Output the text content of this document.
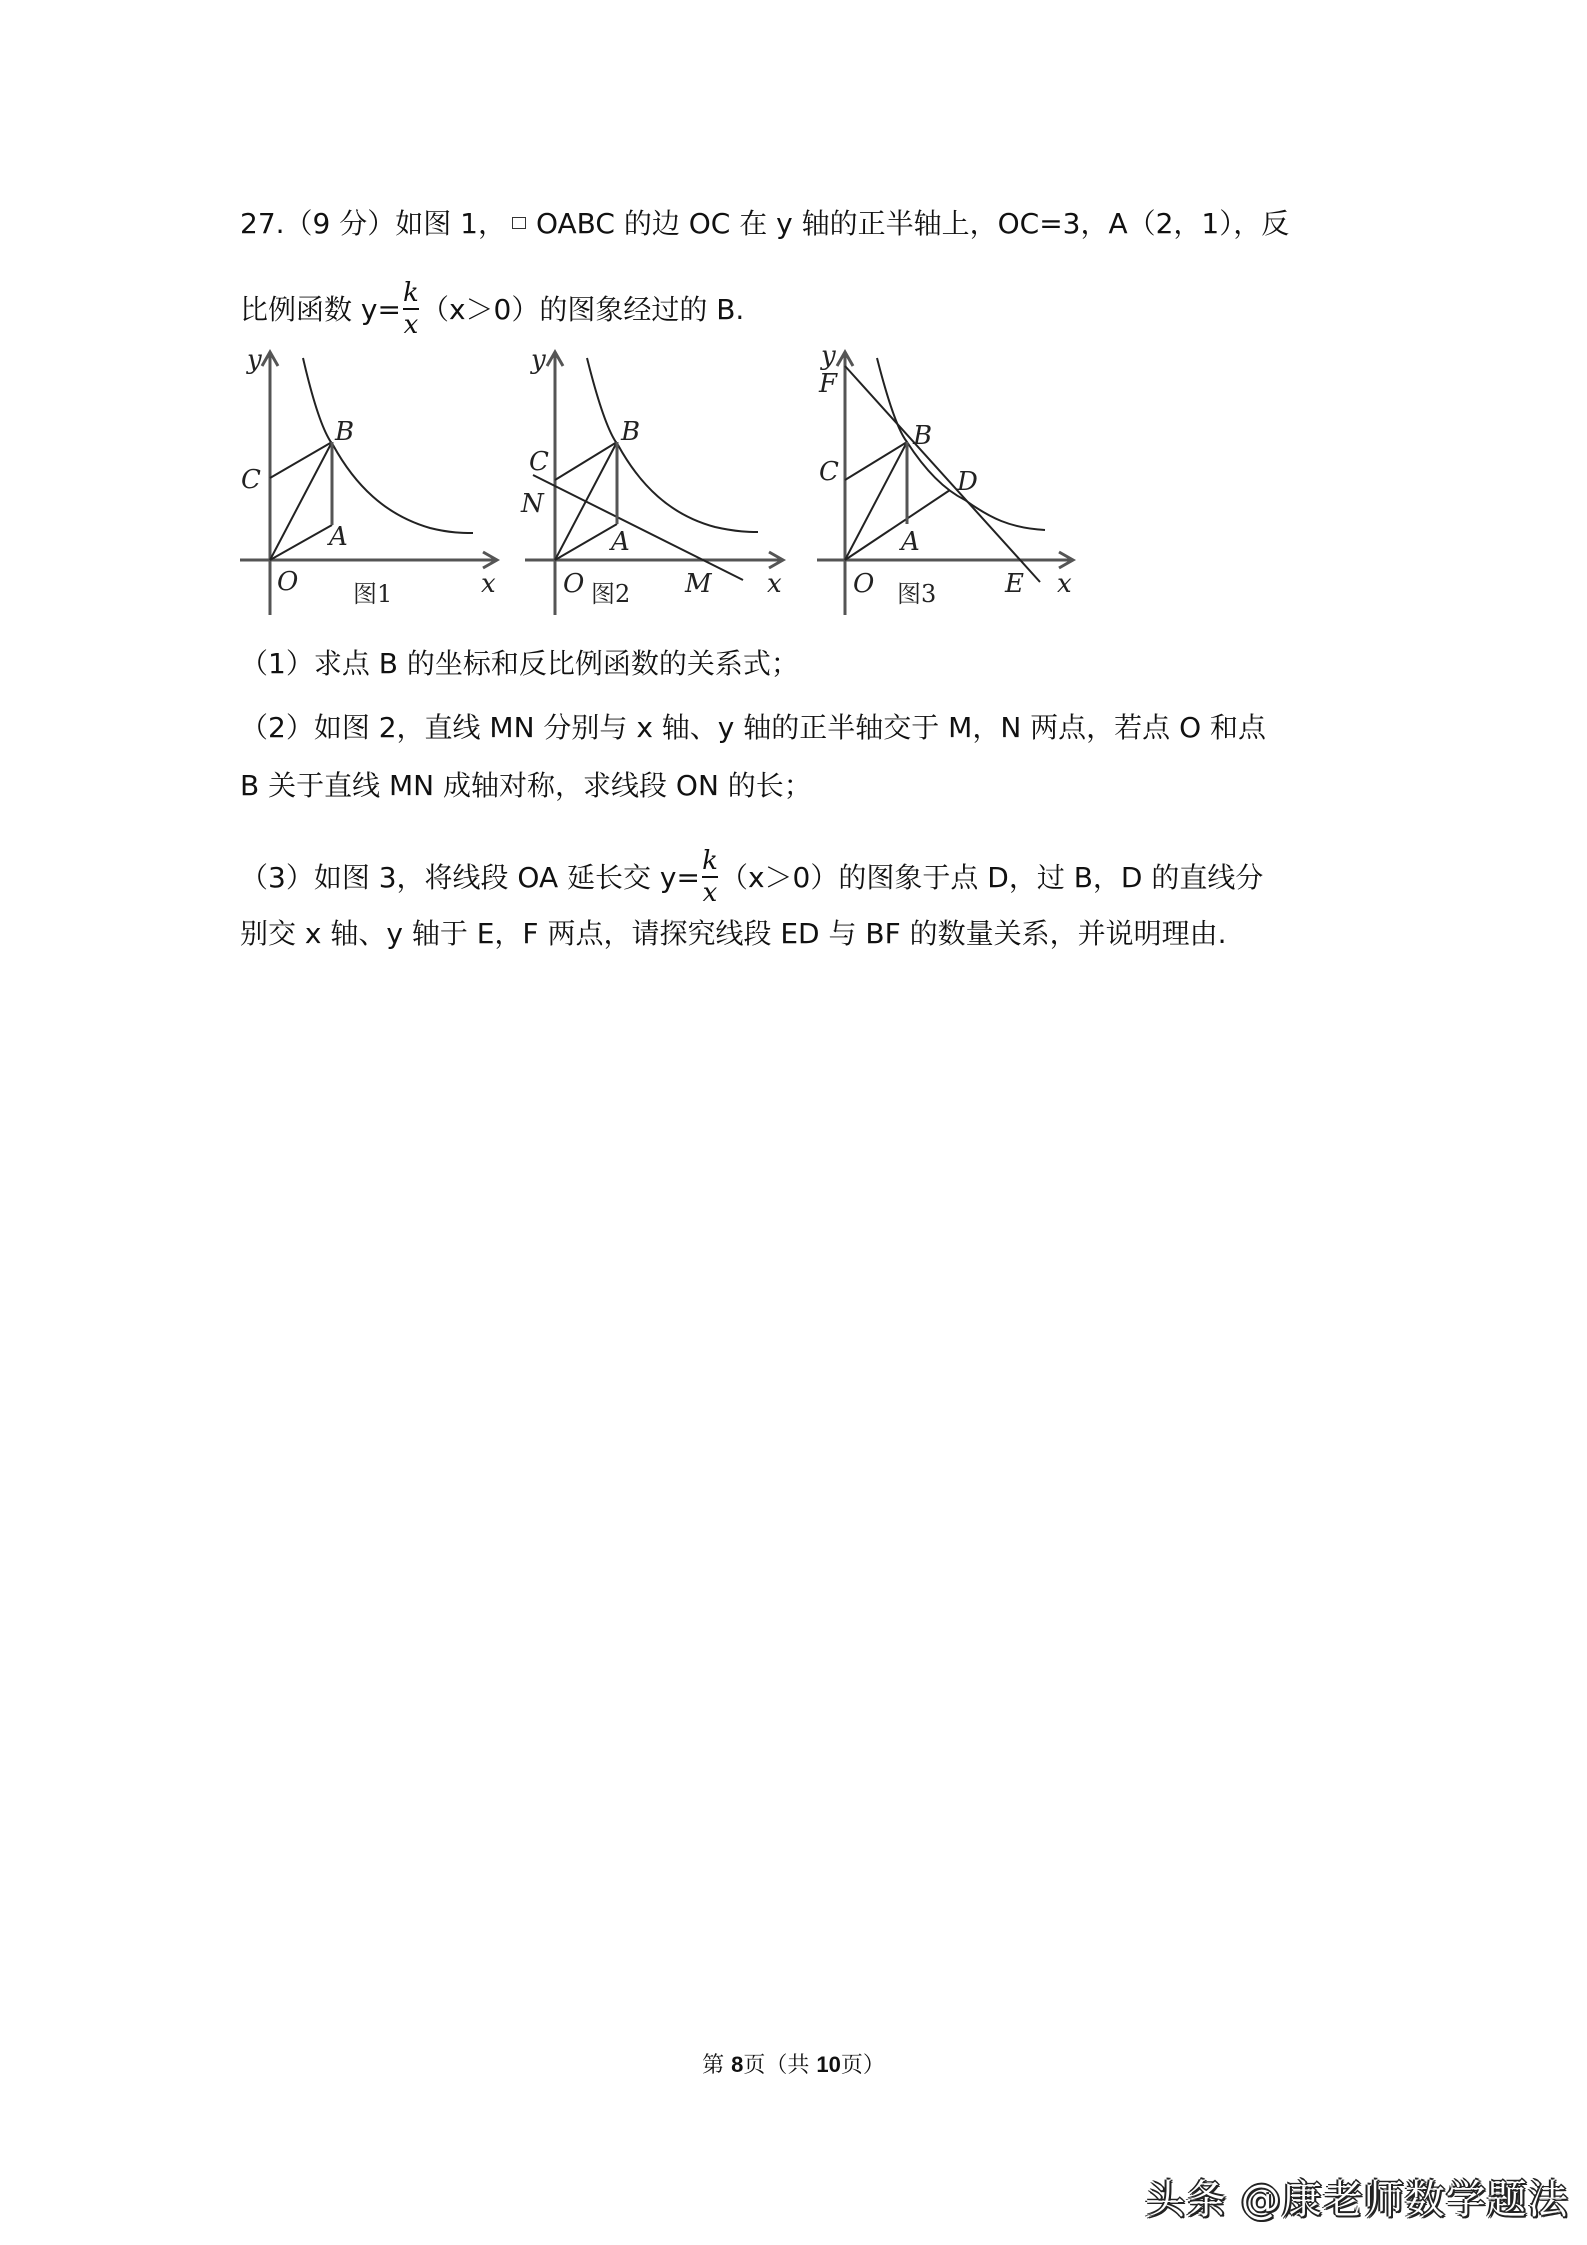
27.（9 分）如图 1， OABC 的边 OC 在 y 轴的正半轴上，OC=3，A（2，1），反
比例函数 $y= \frac{k}{x} (x>0)$的图象经过的 B.
y
B
C
A
O	x
图1
y
B
C
N
A
O 图2 M x
y
F
B
C	D
A
O 图3	E x
（1）求点 B 的坐标和反比例函数的关系式；
（2）如图 2，直线 MN 分别与 x 轴、y 轴的正半轴交于 M，N 两点，若点 O 和点
B 关于直线 MN 成轴对称，求线段 ON 的长；
（3）如图 3，将线段 OA 延长交 $y= \frac{k}{x} (x>0)$的图象于点 D，过 B，D 的直线分
别交 x 轴、y 轴于 E，F 两点，请探究线段 ED 与 BF 的数量关系，并说明理由.
第 8页（共 10页）
头条 @康老师数学题法
